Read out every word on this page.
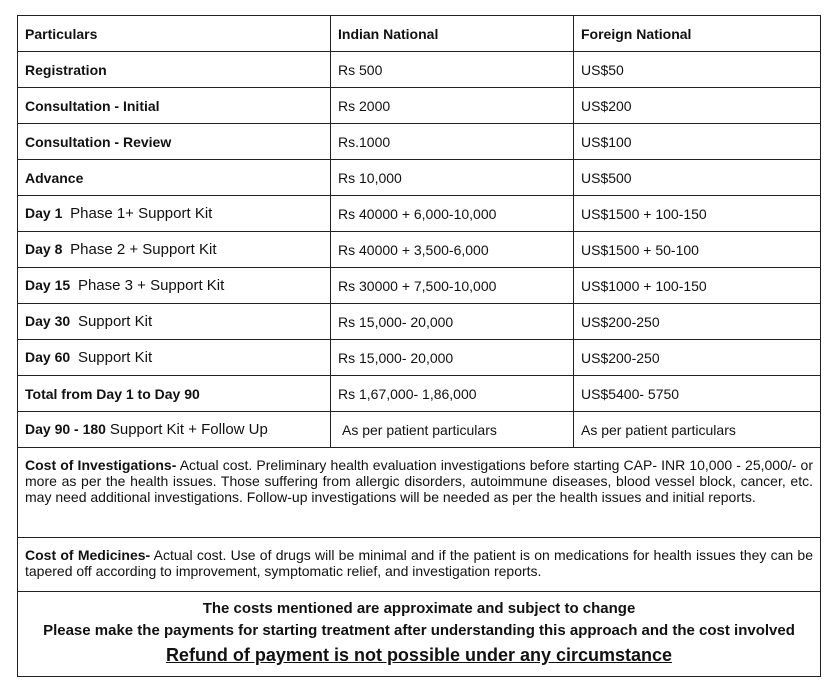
Particulars	Indian National	Foreign National
Registration	Rs 500	US$50
Consultation - Initial	Rs 2000	US$200
Consultation - Review	Rs.1000	US$100
Advance	Rs 10,000	US$500
Day 1 Phase 1+ Support Kit	Rs 40000 + 6,000-10,000	US$1500 + 100-150
Day 8 Phase 2 + Support Kit	Rs 40000 + 3,500-6,000	US$1500 + 50-100
Day 15 Phase 3 + Support Kit	Rs 30000 + 7,500-10,000	US$1000 + 100-150
Day 30 Support Kit	Rs 15,000- 20,000	US$200-250
Day 60 Support Kit	Rs 15,000- 20,000	US$200-250
Total from Day 1 to Day 90	Rs 1,67,000- 1,86,000	US$5400- 5750
Day 90 - 180 Support Kit + Follow Up	As per patient particulars	As per patient particulars
Cost of Investigations- Actual cost. Preliminary health evaluation investigations before starting CAP- INR 10,000 - 25,000/- or more as per the health issues. Those suffering from allergic disorders, autoimmune diseases, blood vessel block, cancer, etc. may need additional investigations. Follow-up investigations will be needed as per the health issues and initial reports.		
Cost of Medicines- Actual cost. Use of drugs will be minimal and if the patient is on medications for health issues they can be tapered off according to improvement, symptomatic relief, and investigation reports.		

The costs mentioned are approximate and subject to change
Please make the payments for starting treatment after understanding this approach and the cost involved
Refund of payment is not possible under any circumstance		
